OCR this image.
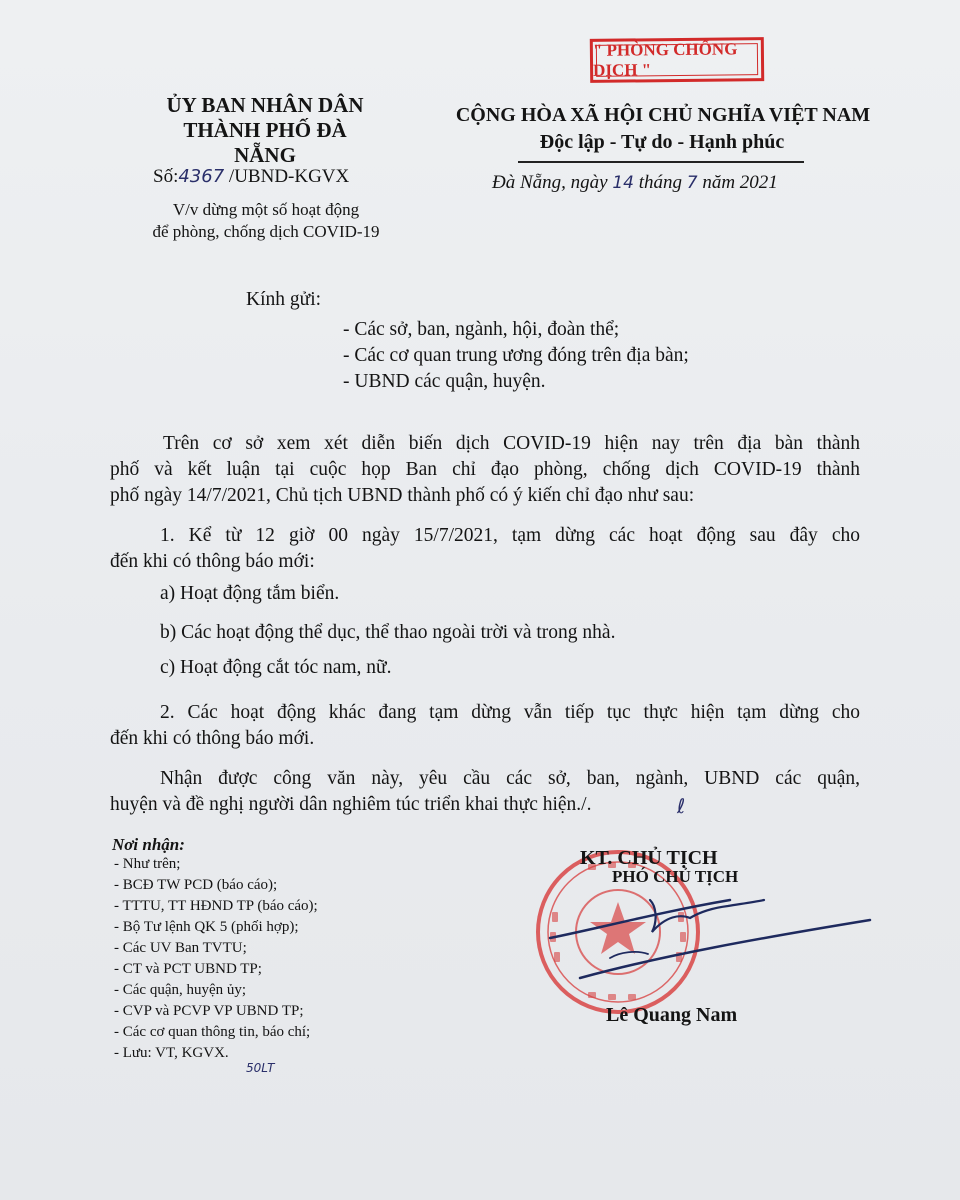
ỦY BAN NHÂN DÂN
THÀNH PHỐ ĐÀ NẴNG
Số:4367 /UBND-KGVX
V/v dừng một số hoạt động
để phòng, chống dịch COVID-19
" PHÒNG CHỐNG DỊCH "
CỘNG HÒA XÃ HỘI CHỦ NGHĨA VIỆT NAM
Độc lập - Tự do - Hạnh phúc
Đà Nẵng, ngày 14 tháng 7 năm 2021
Kính gửi:
- Các sở, ban, ngành, hội, đoàn thể;
- Các cơ quan trung ương đóng trên địa bàn;
- UBND các quận, huyện.
Trên cơ sở xem xét diễn biến dịch COVID-19 hiện nay trên địa bàn thành
phố và kết luận tại cuộc họp Ban chỉ đạo phòng, chống dịch COVID-19 thành
phố ngày 14/7/2021, Chủ tịch UBND thành phố có ý kiến chỉ đạo như sau:
1. Kể từ 12 giờ 00 ngày 15/7/2021, tạm dừng các hoạt động sau đây cho
đến khi có thông báo mới:
a) Hoạt động tắm biển.
b) Các hoạt động thể dục, thể thao ngoài trời và trong nhà.
c) Hoạt động cắt tóc nam, nữ.
2. Các hoạt động khác đang tạm dừng vẫn tiếp tục thực hiện tạm dừng cho
đến khi có thông báo mới.
Nhận được công văn này, yêu cầu các sở, ban, ngành, UBND các quận,
huyện và đề nghị người dân nghiêm túc triển khai thực hiện./.	ℓ
Nơi nhận:
- Như trên;
- BCĐ TW PCD (báo cáo);
- TTTU, TT HĐND TP (báo cáo);
- Bộ Tư lệnh QK 5 (phối hợp);
- Các UV Ban TVTU;
- CT và PCT UBND TP;
- Các quận, huyện ủy;
- CVP và PCVP VP UBND TP;
- Các cơ quan thông tin, báo chí;
- Lưu: VT, KGVX.
50LT
KT. CHỦ TỊCH
PHÓ CHỦ TỊCH
Lê Quang Nam
